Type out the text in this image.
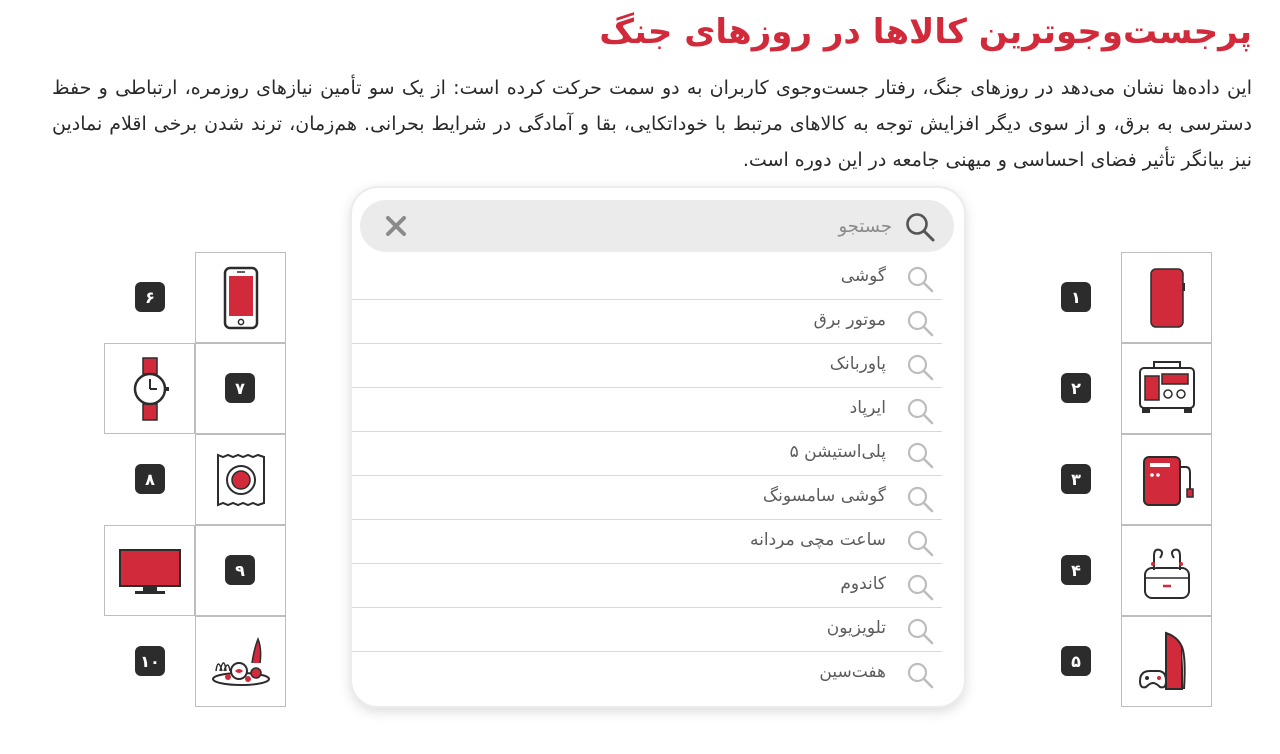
پرجست‌وجوترین کالاها در روزهای جنگ

این داده‌ها نشان می‌دهد در روزهای جنگ، رفتار جست‌وجوی کاربران به دو سمت حرکت کرده است: از یک سو تأمین نیازهای روزمره، ارتباطی و حفظ دسترسی به برق، و از سوی دیگر افزایش توجه به کالاهای مرتبط با خوداتکایی، بقا و آمادگی در شرایط بحرانی. هم‌زمان، ترند شدن برخی اقلام نمادین نیز بیانگر تأثیر فضای احساسی و میهنی جامعه در این دوره است.

جستجو
گوشی
موتور برق
پاوربانک
ایرپاد
پلی‌استیشن ۵
گوشی سامسونگ
ساعت مچی مردانه
کاندوم
تلویزیون
هفت‌سین
۱
۲
۳
۴
۵
۶
۷
۸
۹
۱۰
